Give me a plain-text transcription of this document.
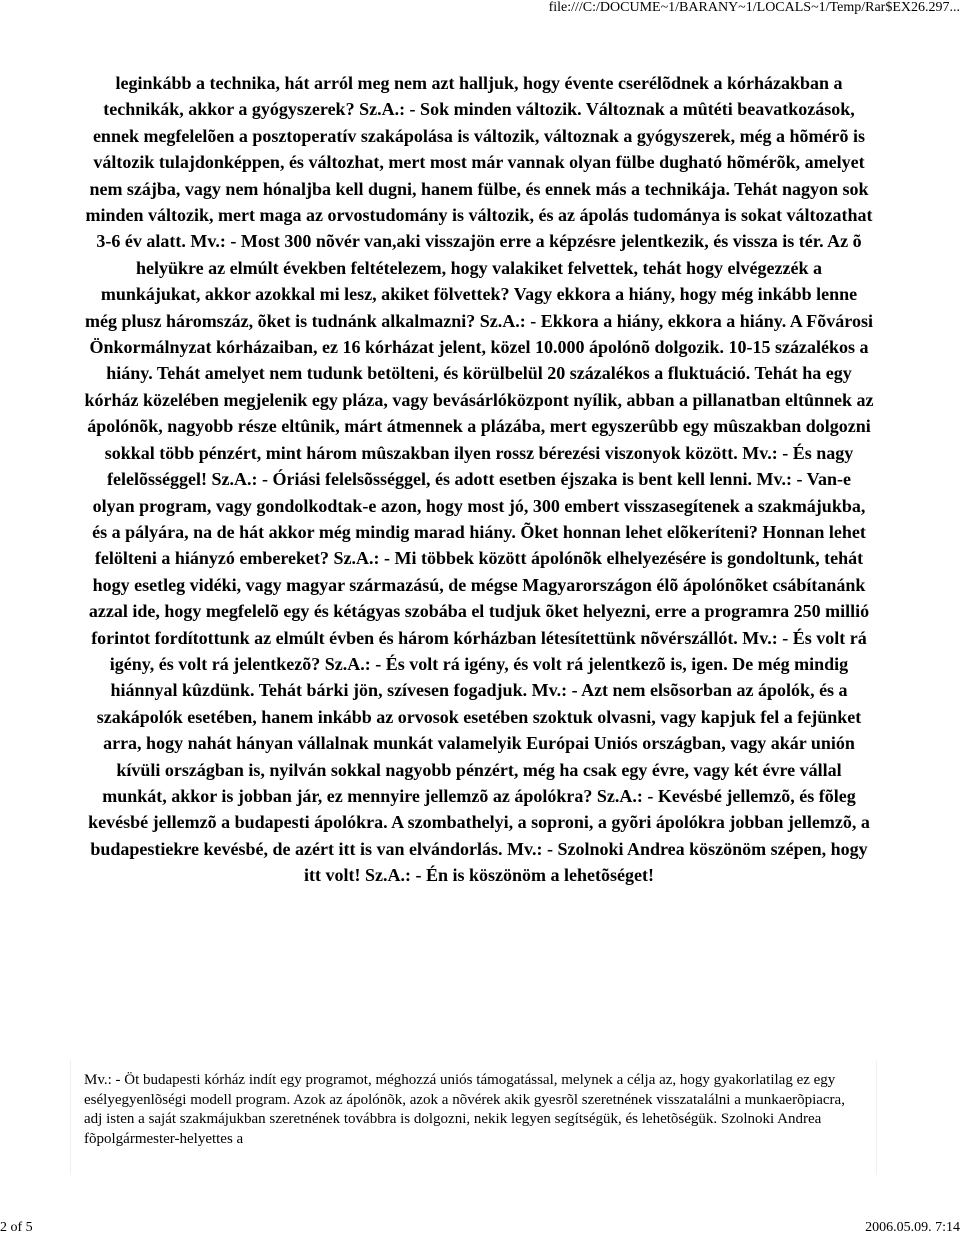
file:///C:/DOCUME~1/BARANY~1/LOCALS~1/Temp/Rar$EX26.297...
leginkább a technika, hát arról meg nem azt halljuk, hogy évente cserélõdnek a kórházakban a technikák, akkor a gyógyszerek? Sz.A.: - Sok minden változik. Változnak a mûtéti beavatkozások, ennek megfelelõen a posztoperatív szakápolása is változik, változnak a gyógyszerek, még a hõmérõ is változik tulajdonképpen, és változhat, mert most már vannak olyan fülbe dugható hõmérõk, amelyet nem szájba, vagy nem hónaljba kell dugni, hanem fülbe, és ennek más a technikája. Tehát nagyon sok minden változik, mert maga az orvostudomány is változik, és az ápolás tudománya is sokat változathat 3-6 év alatt. Mv.: - Most 300 nõvér van,aki visszajön erre a képzésre jelentkezik, és vissza is tér. Az õ helyükre az elmúlt években feltételezem, hogy valakiket felvettek, tehát hogy elvégezzék a munkájukat, akkor azokkal mi lesz, akiket fölvettek? Vagy ekkora a hiány, hogy még inkább lenne még plusz háromszáz, õket is tudnánk alkalmazni? Sz.A.: - Ekkora a hiány, ekkora a hiány. A Fõvárosi Önkormálnyzat kórházaiban, ez 16 kórházat jelent, közel 10.000 ápolónõ dolgozik. 10-15 százalékos a hiány. Tehát amelyet nem tudunk betölteni, és körülbelül 20 százalékos a fluktuáció. Tehát ha egy kórház közelében megjelenik egy pláza, vagy bevásárlóközpont nyílik, abban a pillanatban eltûnnek az ápolónõk, nagyobb része eltûnik, márt átmennek a plázába, mert egyszerûbb egy mûszakban dolgozni sokkal több pénzért, mint három mûszakban ilyen rossz bérezési viszonyok között. Mv.: - És nagy felelõsséggel! Sz.A.: - Óriási felelsõsséggel, és adott esetben éjszaka is bent kell lenni. Mv.: - Van-e olyan program, vagy gondolkodtak-e azon, hogy most jó, 300 embert visszasegítenek a szakmájukba, és a pályára, na de hát akkor még mindig marad hiány. Õket honnan lehet elõkeríteni? Honnan lehet felölteni a hiányzó embereket? Sz.A.: - Mi többek között ápolónõk elhelyezésére is gondoltunk, tehát hogy esetleg vidéki, vagy magyar származású, de mégse Magyarországon élõ ápolónõket csábítanánk azzal ide, hogy megfelelõ egy és kétágyas szobába el tudjuk õket helyezni, erre a programra 250 millió forintot fordítottunk az elmúlt évben és három kórházban létesítettünk nõvérszállót. Mv.: - És volt rá igény, és volt rá jelentkezõ? Sz.A.: - És volt rá igény, és volt rá jelentkezõ is, igen. De még mindig hiánnyal kûzdünk. Tehát bárki jön, szívesen fogadjuk. Mv.: - Azt nem elsõsorban az ápolók, és a szakápolók esetében, hanem inkább az orvosok esetében szoktuk olvasni, vagy kapjuk fel a fejünket arra, hogy nahát hányan vállalnak munkát valamelyik Európai Uniós országban, vagy akár unión kívüli országban is, nyilván sokkal nagyobb pénzért, még ha csak egy évre, vagy két évre vállal munkát, akkor is jobban jár, ez mennyire jellemzõ az ápolókra? Sz.A.: - Kevésbé jellemzõ, és fõleg kevésbé jellemzõ a budapesti ápolókra. A szombathelyi, a soproni, a gyõri ápolókra jobban jellemzõ, a budapestiekre kevésbé, de azért itt is van elvándorlás. Mv.: - Szolnoki Andrea köszönöm szépen, hogy itt volt! Sz.A.: - Én is köszönöm a lehetõséget!
Mv.: - Öt budapesti kórház indít egy programot, méghozzá uniós támogatással, melynek a célja az, hogy gyakorlatilag ez egy esélyegyenlõségi modell program. Azok az ápolónõk, azok a nõvérek akik gyesrõl szeretnének visszatalálni a munkaerõpiacra, adj isten a saját szakmájukban szeretnének továbbra is dolgozni, nekik legyen segítségük, és lehetõségük. Szolnoki Andrea fõpolgármester-helyettes a
2 of 5	2006.05.09. 7:14
